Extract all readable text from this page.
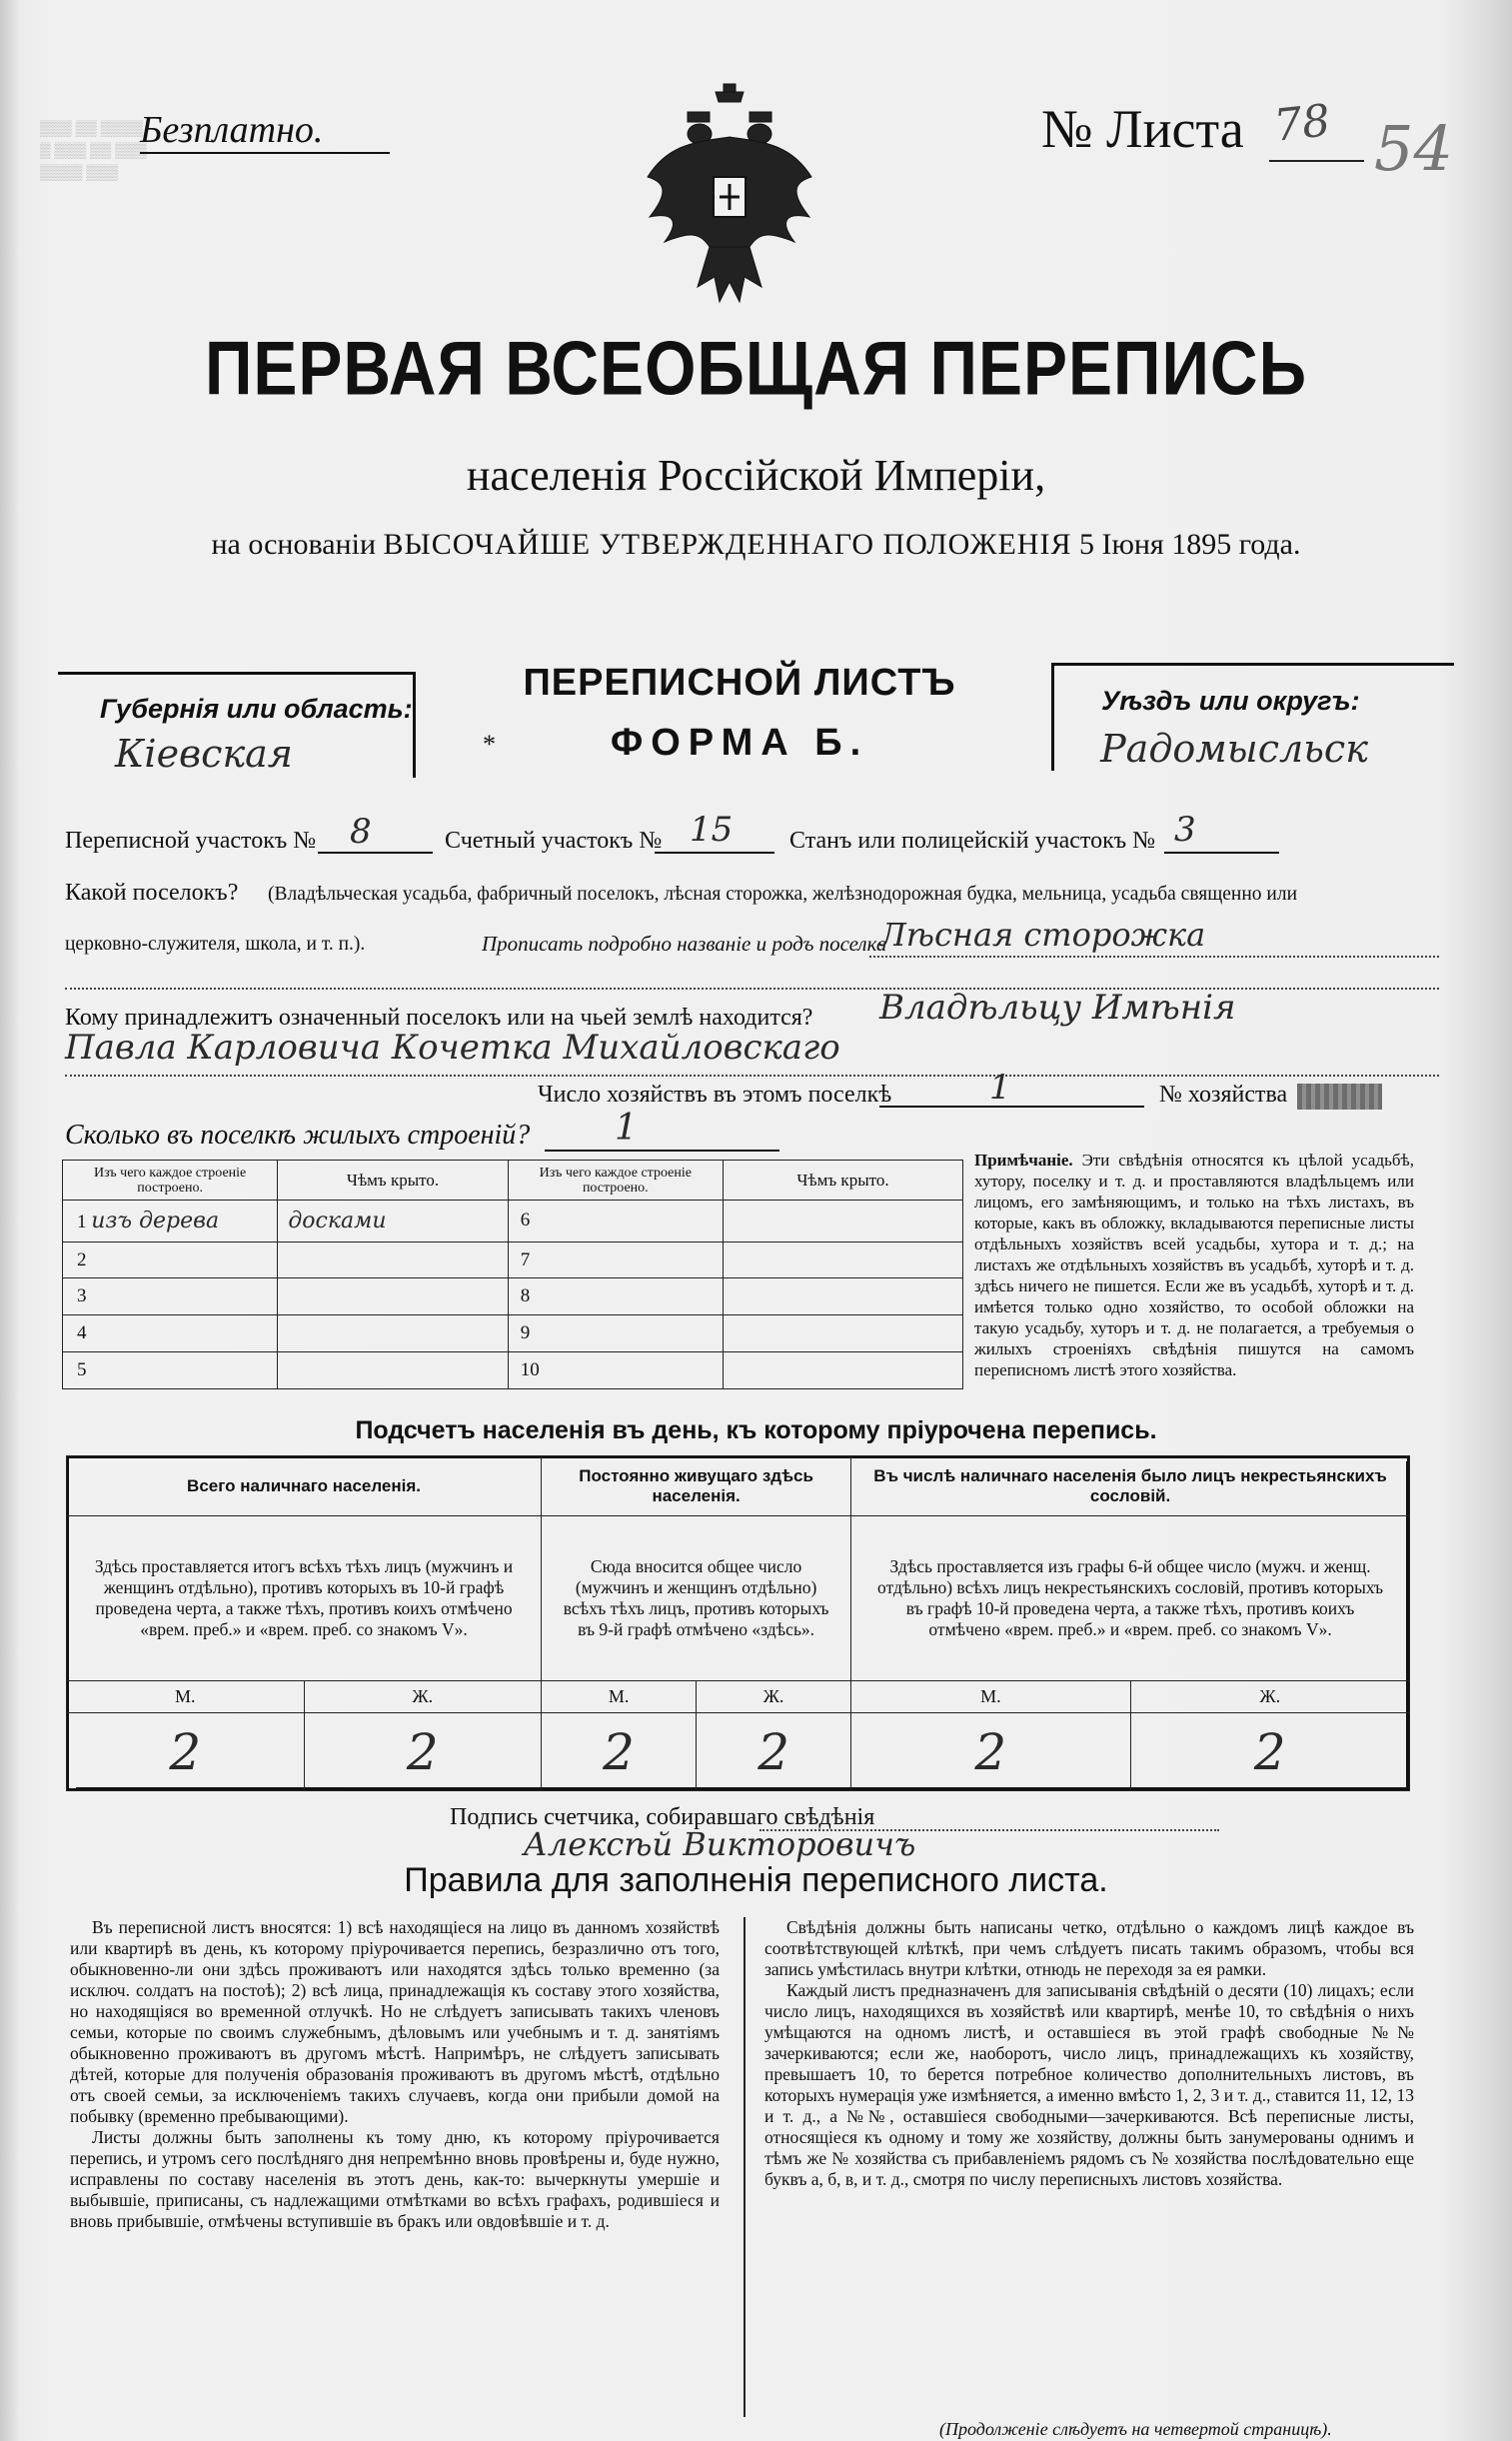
▒▒▒ ▒▒ ▒▒▒▒
▒ ▒▒▒ ▒▒ ▒▒▒
▒▒▒▒ ▒▒▒
Безплатно.	№ Листа 78 54
ПЕРВАЯ ВСЕОБЩАЯ ПЕРЕПИСЬ
населенія Россійской Имперіи,
на основаніи ВЫСОЧАЙШЕ УТВЕРЖДЕННАГО ПОЛОЖЕНІЯ 5 Іюня 1895 года.
Губернія или область:
Кіевская
ПЕРЕПИСНОЙ ЛИСТЪ
ФОРМА Б.
*
Уѣздъ или округъ:
Радомысльск
Переписной участокъ № 8	Счетный участокъ № 15 Станъ или полицейскій участокъ № 3
Какой поселокъ? (Владѣльческая усадьба, фабричный поселокъ, лѣсная сторожка, желѣзнодорожная будка, мельница, усадьба священно или
церковно-служителя, школа, и т. п.).	Прописать подробно названіе и родъ поселка
Лѣсная сторожка
Кому принадлежитъ означенный поселокъ или на чьей землѣ находится? Владѣльцу Имѣнія
Павла Карловича Кочетка Михайловскаго
Число хозяйствъ въ этомъ поселкѣ	1	№ хозяйства
Сколько въ поселкѣ жилыхъ строеній? 1
Изъ чего каждое строеніе построено.	Чѣмъ крыто.	Изъ чего каждое строеніе построено.	Чѣмъ крыто.
1 изъ дерева	досками	6	
2		7	
3		8	
4		9	
5		10	
Примѣчаніе. Эти свѣдѣнія относятся къ цѣлой усадьбѣ, хутору, поселку и т. д. и проставляются владѣльцемъ или лицомъ, его замѣняющимъ, и только на тѣхъ листахъ, въ которые, какъ въ обложку, вкладываются переписные листы отдѣльныхъ хозяйствъ всей усадьбы, хутора и т. д.; на листахъ же отдѣльныхъ хозяйствъ въ усадьбѣ, хуторѣ и т. д. здѣсь ничего не пишется. Если же въ усадьбѣ, хуторѣ и т. д. имѣется только одно хозяйство, то особой обложки на такую усадьбу, хуторъ и т. д. не полагается, а требуемыя о жилыхъ строеніяхъ свѣдѣнія пишутся на самомъ переписномъ листѣ этого хозяйства.
Подсчетъ населенія въ день, къ которому пріурочена перепись.
Всего наличнаго населенія.		Постоянно живущаго здѣсь населенія.		Въ числѣ наличнаго населенія было лицъ некрестьянскихъ сословій.	
Здѣсь проставляется итогъ всѣхъ тѣхъ лицъ (мужчинъ и женщинъ отдѣльно), противъ которыхъ въ 10-й графѣ проведена черта, а также тѣхъ, противъ коихъ отмѣчено «врем. преб.» и «врем. преб. со знакомъ V».		Сюда вносится общее число (мужчинъ и женщинъ отдѣльно) всѣхъ тѣхъ лицъ, противъ которыхъ въ 9-й графѣ отмѣчено «здѣсь».		Здѣсь проставляется изъ графы 6-й общее число (мужч. и женщ. отдѣльно) всѣхъ лицъ некрестьянскихъ сословій, противъ которыхъ въ графѣ 10-й проведена черта, а также тѣхъ, противъ коихъ отмѣчено «врем. преб.» и «врем. преб. со знакомъ V».	
М.	Ж.	М.	Ж.	М.	Ж.
2	2	2	2	2	2
Подпись счетчика, собиравшаго свѣдѣнія
Алексѣй Викторовичъ
Правила для заполненія переписного листа.

Въ переписной листъ вносятся: 1) всѣ находящіеся на лицо въ данномъ хозяйствѣ или квартирѣ въ день, къ которому пріурочивается перепись, безразлично отъ того, обыкновенно-ли они здѣсь проживаютъ или находятся здѣсь только временно (за исключ. солдатъ на постоѣ); 2) всѣ лица, принадлежащія къ составу этого хозяйства, но находящіяся во временной отлучкѣ. Но не слѣдуетъ записывать такихъ членовъ семьи, которые по своимъ служебнымъ, дѣловымъ или учебнымъ и т. д. занятіямъ обыкновенно проживаютъ въ другомъ мѣстѣ. Напримѣръ, не слѣдуетъ записывать дѣтей, которые для полученія образованія проживаютъ въ другомъ мѣстѣ, отдѣльно отъ своей семьи, за исключеніемъ такихъ случаевъ, когда они прибыли домой на побывку (временно пребывающими).

Листы должны быть заполнены къ тому дню, къ которому пріурочивается перепись, и утромъ сего послѣдняго дня непремѣнно вновь провѣрены и, буде нужно, исправлены по составу населенія въ этотъ день, как-то: вычеркнуты умершіе и выбывшіе, приписаны, съ надлежащими отмѣтками во всѣхъ графахъ, родившіеся и вновь прибывшіе, отмѣчены вступившіе въ бракъ или овдовѣвшіе и т. д.

Свѣдѣнія должны быть написаны четко, отдѣльно о каждомъ лицѣ каждое въ соотвѣтствующей клѣткѣ, при чемъ слѣдуетъ писать такимъ образомъ, чтобы вся запись умѣстилась внутри клѣтки, отнюдь не переходя за ея рамки.

Каждый листъ предназначенъ для записыванія свѣдѣній о десяти (10) лицахъ; если число лицъ, находящихся въ хозяйствѣ или квартирѣ, менѣе 10, то свѣдѣнія о нихъ умѣщаются на одномъ листѣ, и оставшіеся въ этой графѣ свободные №№ зачеркиваются; если же, наоборотъ, число лицъ, принадлежащихъ къ хозяйству, превышаетъ 10, то берется потребное количество дополнительныхъ листовъ, въ которыхъ нумерація уже измѣняется, а именно вмѣсто 1, 2, 3 и т. д., ставится 11, 12, 13 и т. д., а №№, оставшіеся свободными—зачеркиваются. Всѣ переписные листы, относящіеся къ одному и тому же хозяйству, должны быть занумерованы однимъ и тѣмъ же № хозяйства съ прибавленіемъ рядомъ съ № хозяйства послѣдовательно еще буквъ а, б, в, и т. д., смотря по числу переписныхъ листовъ хозяйства.

(Продолженіе слѣдуетъ на четвертой страницѣ).
